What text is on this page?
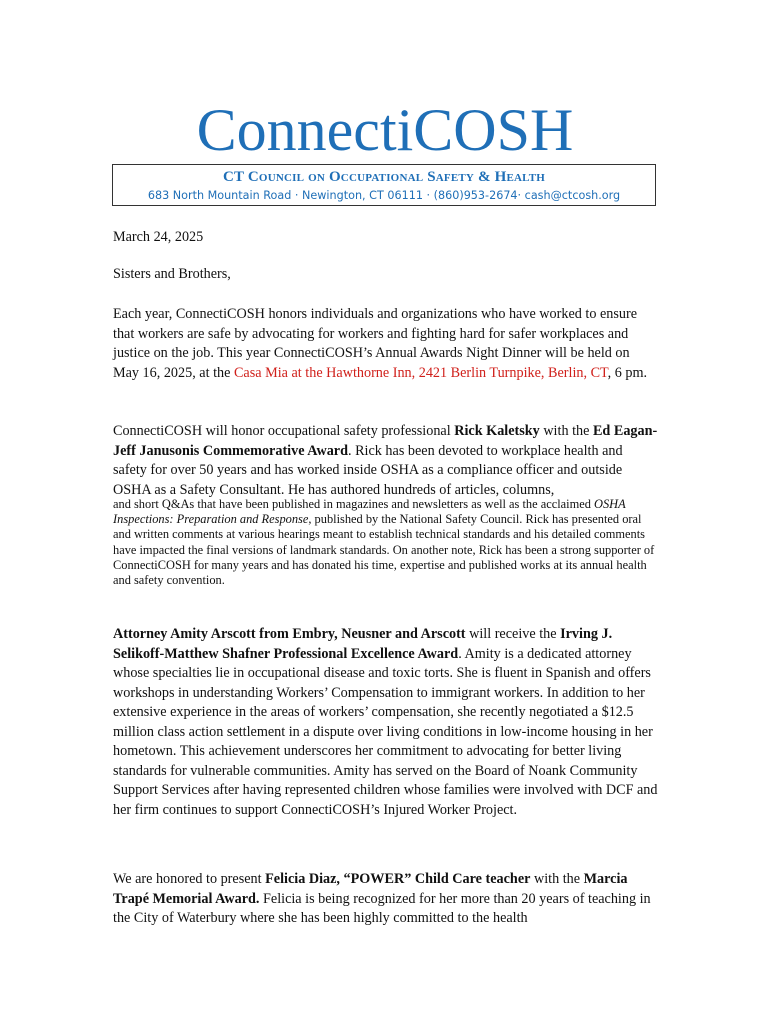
ConnectiCOSH
CT Council on Occupational Safety & Health
683 North Mountain Road · Newington, CT 06111 · (860)953-2674· cash@ctcosh.org
March 24, 2025
Sisters and Brothers,
Each year, ConnectiCOSH honors individuals and organizations who have worked to ensure that workers are safe by advocating for workers and fighting hard for safer workplaces and justice on the job. This year ConnectiCOSH’s Annual Awards Night Dinner will be held on May 16, 2025, at the Casa Mia at the Hawthorne Inn, 2421 Berlin Turnpike, Berlin, CT, 6 pm.
ConnectiCOSH will honor occupational safety professional Rick Kaletsky with the Ed Eagan-Jeff Janusonis Commemorative Award. Rick has been devoted to workplace health and safety for over 50 years and has worked inside OSHA as a compliance officer and outside OSHA as a Safety Consultant. He has authored hundreds of articles, columns,
and short Q&As that have been published in magazines and newsletters as well as the acclaimed OSHA Inspections: Preparation and Response, published by the National Safety Council. Rick has presented oral and written comments at various hearings meant to establish technical standards and his detailed comments have impacted the final versions of landmark standards. On another note, Rick has been a strong supporter of ConnectiCOSH for many years and has donated his time, expertise and published works at its annual health and safety convention.
Attorney Amity Arscott from Embry, Neusner and Arscott will receive the Irving J. Selikoff-Matthew Shafner Professional Excellence Award. Amity is a dedicated attorney whose specialties lie in occupational disease and toxic torts. She is fluent in Spanish and offers workshops in understanding Workers’ Compensation to immigrant workers. In addition to her extensive experience in the areas of workers’ compensation, she recently negotiated a $12.5 million class action settlement in a dispute over living conditions in low-income housing in her hometown. This achievement underscores her commitment to advocating for better living standards for vulnerable communities. Amity has served on the Board of Noank Community Support Services after having represented children whose families were involved with DCF and her firm continues to support ConnectiCOSH’s Injured Worker Project.
We are honored to present Felicia Diaz, “POWER” Child Care teacher with the Marcia Trapé Memorial Award. Felicia is being recognized for her more than 20 years of teaching in the City of Waterbury where she has been highly committed to the health
